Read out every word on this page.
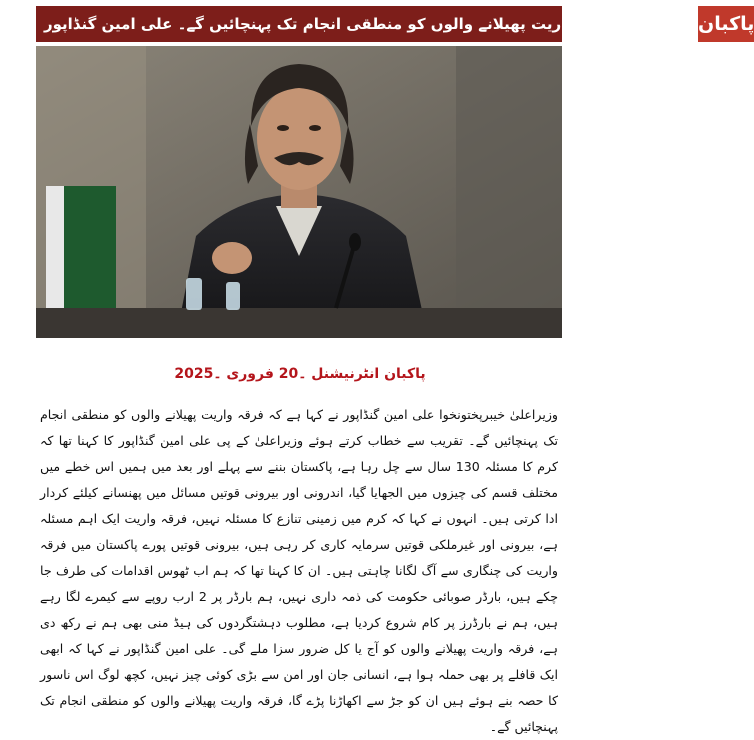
کرم میں فرقہ واریت پھیلانے والوں کو منطقی انجام تک پہنچائیں گے۔ علی امین گنڈاپور پاکبان
پاکبان انٹرنیشنل ۔20 فروری ۔2025

وزیراعلیٰ خیبرپختونخوا علی امین گنڈاپور نے کہا ہے کہ فرقہ واریت پھیلانے والوں کو منطقی انجام تک پہنچائیں گے۔ تقریب سے خطاب کرتے ہوئے وزیراعلیٰ کے پی علی امین گنڈاپور کا کہنا تھا کہ کرم کا مسئلہ 130 سال سے چل رہا ہے، پاکستان بننے سے پہلے اور بعد میں ہمیں اس خطے میں مختلف قسم کی چیزوں میں الجھایا گیا، اندرونی اور بیرونی قوتیں مسائل میں پھنسانے کیلئے کردار ادا کرتی ہیں۔ انہوں نے کہا کہ کرم میں زمینی تنازع کا مسئلہ نہیں، فرقہ واریت ایک اہم مسئلہ ہے، بیرونی اور غیرملکی قوتیں سرمایہ کاری کر رہی ہیں، بیرونی قوتیں پورے پاکستان میں فرقہ واریت کی چنگاری سے آگ لگانا چاہتی ہیں۔ ان کا کہنا تھا کہ ہم اب ٹھوس اقدامات کی طرف جا چکے ہیں، بارڈر صوبائی حکومت کی ذمہ داری نہیں، ہم بارڈر پر 2 ارب روپے سے کیمرے لگا رہے ہیں، ہم نے بارڈرز پر کام شروع کردیا ہے، مطلوب دہشتگردوں کی ہیڈ منی بھی ہم نے رکھ دی ہے، فرقہ واریت پھیلانے والوں کو آج یا کل ضرور سزا ملے گی۔ علی امین گنڈاپور نے کہا کہ ابھی ایک قافلے پر بھی حملہ ہوا ہے، انسانی جان اور امن سے بڑی کوئی چیز نہیں، کچھ لوگ اس ناسور کا حصہ بنے ہوئے ہیں ان کو جڑ سے اکھاڑنا پڑے گا، فرقہ واریت پھیلانے والوں کو منطقی انجام تک پہنچائیں گے۔
